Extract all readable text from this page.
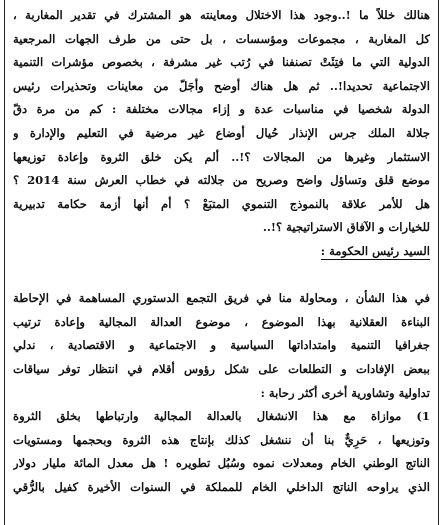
هنالك خللاً ما !..وجود هذا الاختلال ومعاينته هو المشترك في تقدير المغاربة ،
كل المغاربة ، مجموعات ومؤسسات ، بل حتى من طرف الجهات المرجعية
الدولية التي ما فتِئَتْ تصنفنا في رُتب غير مشرفة ، بخصوص مؤشرات التنمية
الاجتماعية تحديدا!.. ثم هل هناك أوضح وأجَلّ من معاينات وتحذيرات رئيس
الدولة شخصيا في مناسبات عدة و إزاء مجالات مختلفة : كم من مرة دقّ
جلالة الملك جرس الإنذار حُيال أوضاع غير مرضية في التعليم والإدارة و
الاستثمار وغيرها من المجالات ؟!.. ألم يكن خلق الثروة وإعادة توزيعها
موضع قلق وتساؤل واضح وصريح من جلالته في خطاب العرش سنة 2014 ؟
هل للأمر علاقة بالنموذج التنموي المتبَعْ ؟ أم أنها أزمة حكامة تدبيرية
للخيارات و الآفاق الاستراتيجية ؟!..
السيد رئيس الحكومة :
في هذا الشأن ، ومحاولة منا في فريق التجمع الدستوري المساهمة في الإحاطة
البناءة العقلانية بهذا الموضوع ، موضوع العدالة المجالية وإعادة ترتيب
جغرافيا التنمية وامتداداتها السياسية و الاجتماعية و الاقتصادية ، ندلي
ببعض الإفادات و التطلعات على شكل رؤوس أقلام في انتظار توفر سياقات
تداولية وتشاورية أخرى أكثر رحابة :
1) موازاة مع هذا الانشغال بالعدالة المجالية وارتباطها بخلق الثروة
وتوزيعها ، حَرِيٌّ بنا أن ننشغل كذلك بإنتاج هذه الثروة وبحجمها ومستويات
الناتج الوطني الخام ومعدلات نموه وسُبُل تطويره ! هل معدل المائة مليار دولار
الذي يراوحه الناتج الداخلي الخام للمملكة في السنوات الأخيرة كفيل بالرُّقي
